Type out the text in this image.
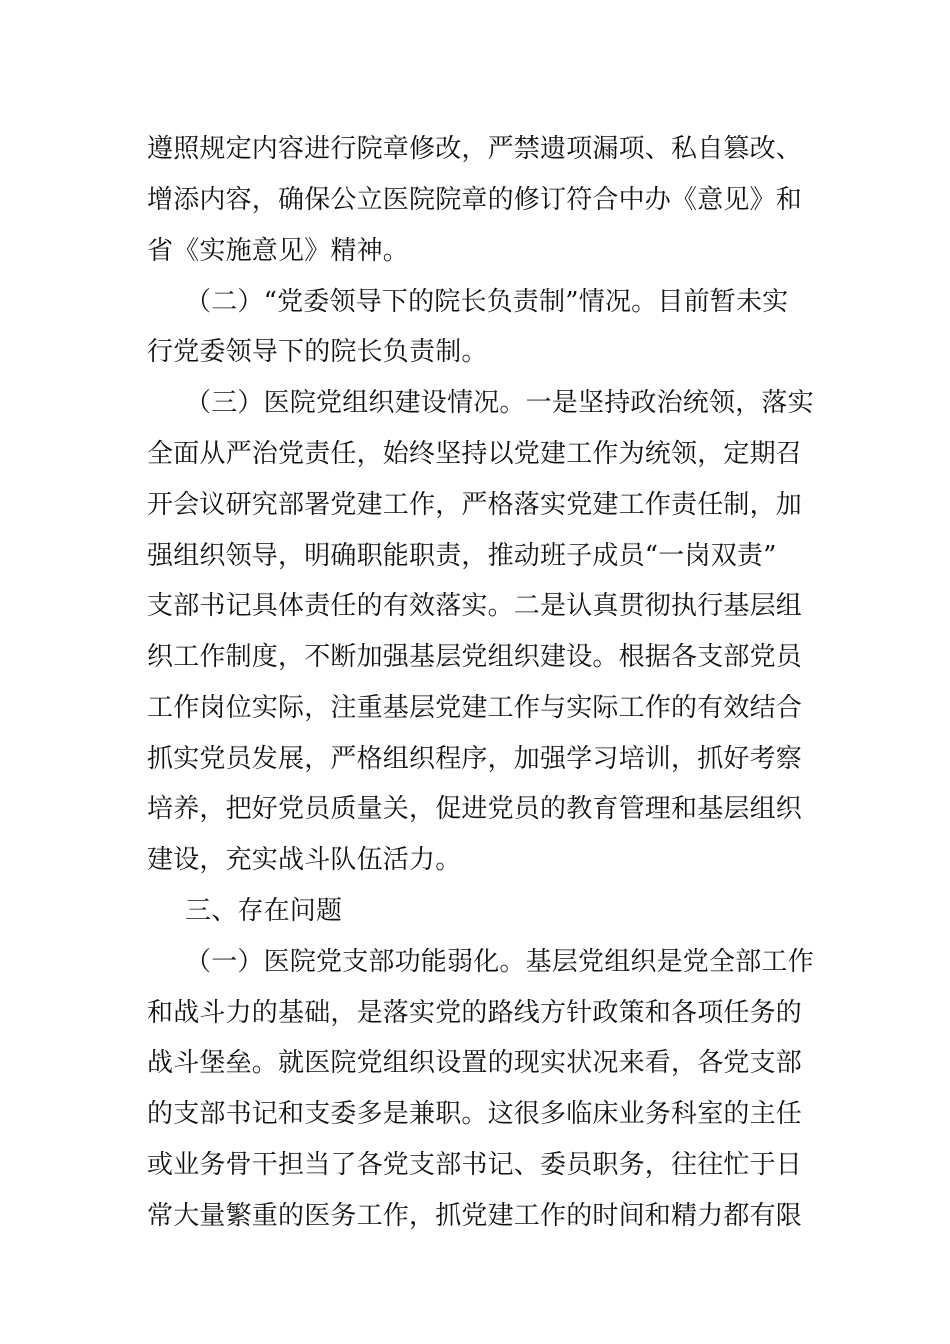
遵照规定内容进行院章修改，严禁遗项漏项、私自篡改、
增添内容，确保公立医院院章的修订符合中办《意见》和
省《实施意见》精神。
（二）“党委领导下的院长负责制”情况。目前暂未实
行党委领导下的院长负责制。
（三）医院党组织建设情况。一是坚持政治统领，落实
全面从严治党责任，始终坚持以党建工作为统领，定期召
开会议研究部署党建工作，严格落实党建工作责任制，加
强组织领导，明确职能职责，推动班子成员“一岗双责”
支部书记具体责任的有效落实。二是认真贯彻执行基层组
织工作制度，不断加强基层党组织建设。根据各支部党员
工作岗位实际，注重基层党建工作与实际工作的有效结合
抓实党员发展，严格组织程序，加强学习培训，抓好考察
培养，把好党员质量关，促进党员的教育管理和基层组织
建设，充实战斗队伍活力。
三、存在问题
（一）医院党支部功能弱化。基层党组织是党全部工作
和战斗力的基础，是落实党的路线方针政策和各项任务的
战斗堡垒。就医院党组织设置的现实状况来看，各党支部
的支部书记和支委多是兼职。这很多临床业务科室的主任
或业务骨干担当了各党支部书记、委员职务，往往忙于日
常大量繁重的医务工作，抓党建工作的时间和精力都有限
